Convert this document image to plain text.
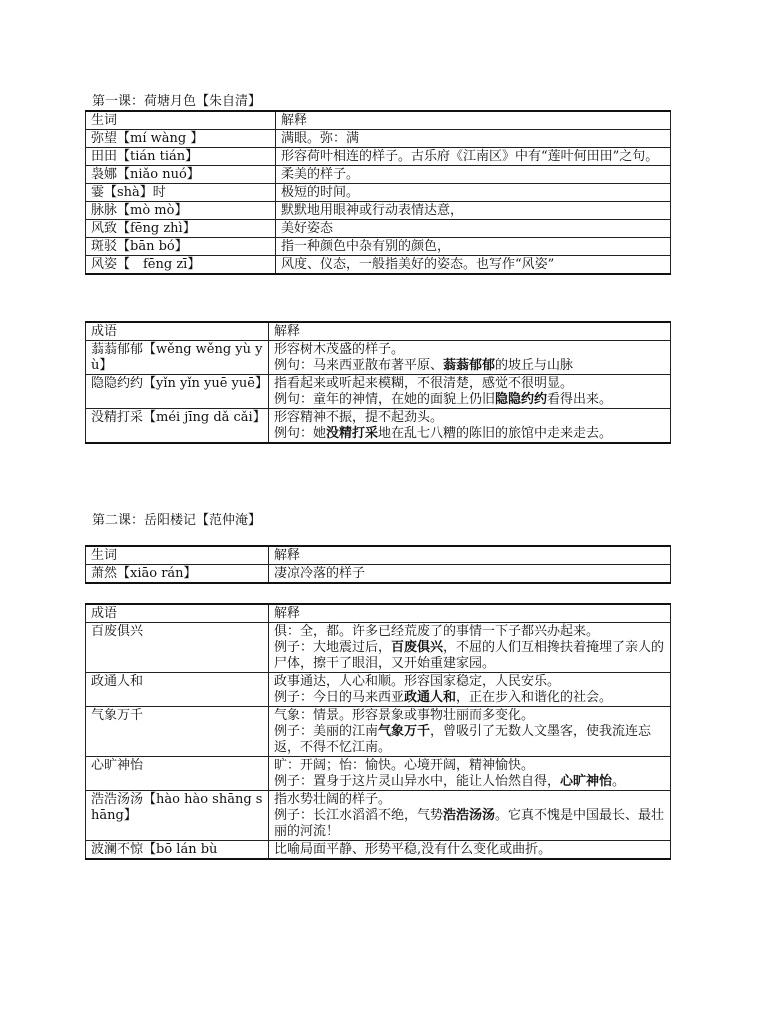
第一课：荷塘月色【朱自清】
生词	解释
弥望【mí wàng 】	满眼。弥：满
田田【tián tián】	形容荷叶相连的样子。古乐府《江南区》中有“莲叶何田田”之句。
袅娜【niǎo nuó】	柔美的样子。
霎【shà】时	极短的时间。
脉脉【mò mò】	默默地用眼神或行动表情达意，
风致【fēng zhì】	美好姿态
斑驳【bān bó】	指一种颜色中杂有别的颜色，
风姿【　fēng zī】	风度、仪态，一般指美好的姿态。也写作“风姿”
成语	解释
蓊蓊郁郁【wěng wěng yù yù】	形容树木茂盛的样子。
例句：马来西亚散布著平原、蓊蓊郁郁的坡丘与山脉

隐隐约约【yǐn yǐn yuē yuē】	指看起来或听起来模糊，不很清楚，感觉不很明显。
例句：童年的神情，在她的面貌上仍旧隐隐约约看得出来。

没精打采【méi jīng dǎ cǎi】	形容精神不振，提不起劲头。
例句：她没精打采地在乱七八糟的陈旧的旅馆中走来走去。
第二课：岳阳楼记【范仲淹】
生词	解释
萧然【xiāo rán】	凄凉冷落的样子
成语	解释
百废俱兴	俱：全，都。许多已经荒废了的事情一下子都兴办起来。
例子：大地震过后，百废俱兴，不屈的人们互相搀扶着掩埋了亲人的尸体，擦干了眼泪，又开始重建家园。

政通人和	政事通达，人心和顺。形容国家稳定，人民安乐。
例子：今日的马来西亚政通人和，正在步入和谐化的社会。

气象万千	气象：情景。形容景象或事物壮丽而多变化。
例子：美丽的江南气象万千，曾吸引了无数人文墨客，使我流连忘返，不得不忆江南。

心旷神怡	旷：开阔；怡：愉快。心境开阔，精神愉快。
例子：置身于这片灵山异水中，能让人怡然自得，心旷神怡。

浩浩汤汤【hào hào shāng shāng】	指水势壮阔的样子。
例子：长江水滔滔不绝，气势浩浩汤汤。它真不愧是中国最长、最壮丽的河流！

波澜不惊【bō lán bù	比喻局面平静、形势平稳,没有什么变化或曲折。
